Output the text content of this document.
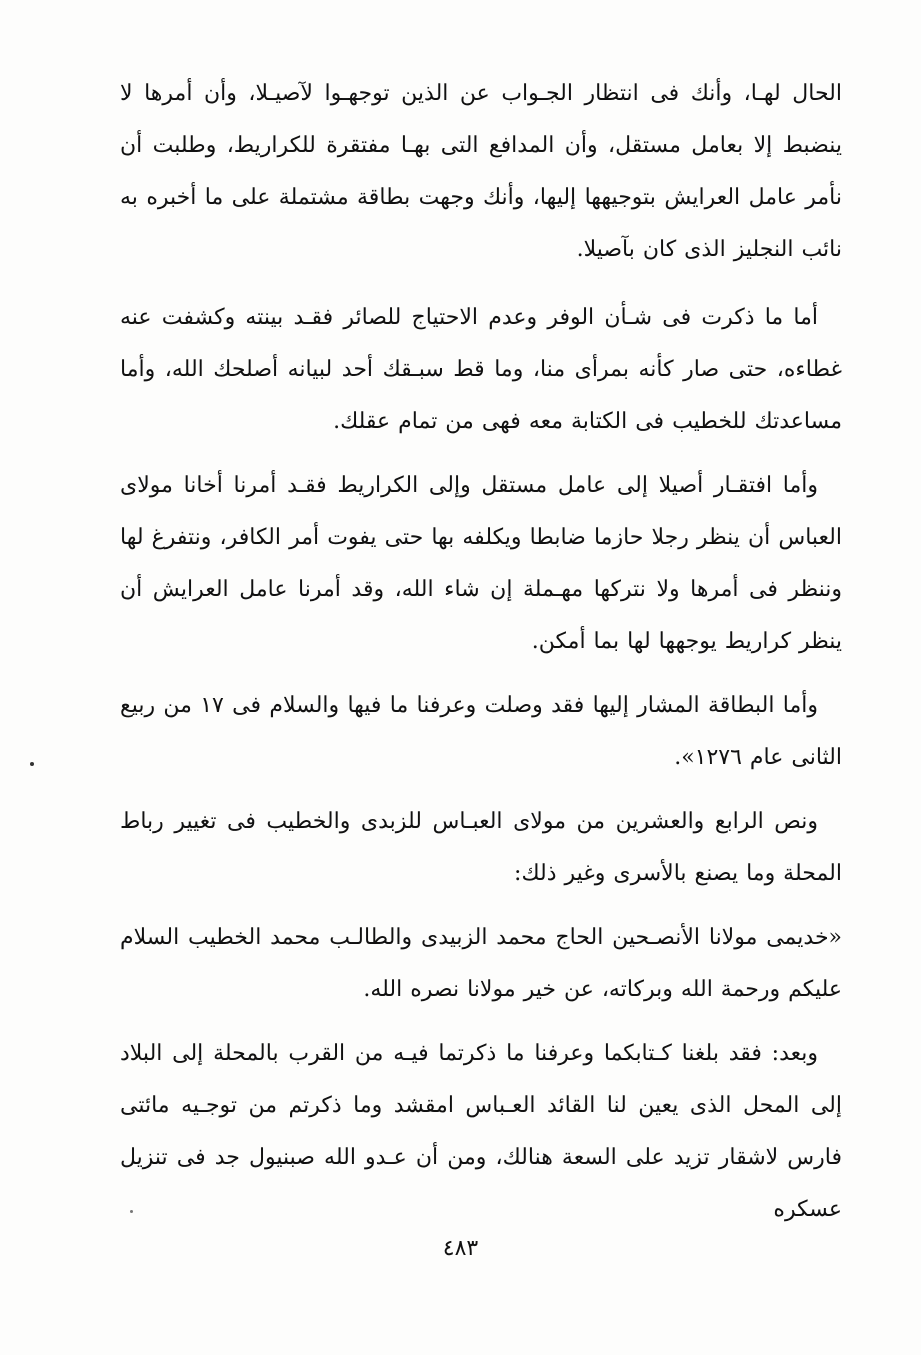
الحال لهـا، وأنك فى انتظار الجـواب عن الذين توجهـوا لآصيـلا، وأن أمرها لا ينضبط إلا بعامل مستقل، وأن المدافع التى بهـا مفتقرة للكراريط، وطلبت أن نأمر عامل العرايش بتوجيهها إليها، وأنك وجهت بطاقة مشتملة على ما أخبره به نائب النجليز الذى كان بآصيلا.

أما ما ذكرت فى شـأن الوفر وعدم الاحتياج للصائر فقـد بينته وكشفت عنه غطاءه، حتى صار كأنه بمرأى منا، وما قط سبـقك أحد لبيانه أصلحك الله، وأما مساعدتك للخطيب فى الكتابة معه فهى من تمام عقلك.

وأما افتقـار أصيلا إلى عامل مستقل وإلى الكراريط فقـد أمرنا أخانا مولاى العباس أن ينظر رجلا حازما ضابطا ويكلفه بها حتى يفوت أمر الكافر، ونتفرغ لها وننظر فى أمرها ولا نتركها مهـملة إن شاء الله، وقد أمرنا عامل العرايش أن ينظر كراريط يوجهها لها بما أمكن.

وأما البطاقة المشار إليها فقد وصلت وعرفنا ما فيها والسلام فى ١٧ من ربيع الثانى عام ١٢٧٦».

ونص الرابع والعشرين من مولاى العبـاس للزبدى والخطيب فى تغيير رباط المحلة وما يصنع بالأسرى وغير ذلك:

«خديمى مولانا الأنصـحين الحاج محمد الزبيدى والطالـب محمد الخطيب السلام عليكم ورحمة الله وبركاته، عن خير مولانا نصره الله.

وبعد: فقد بلغنا كـتابكما وعرفنا ما ذكرتما فيـه من القرب بالمحلة إلى البلاد إلى المحل الذى يعين لنا القائد العـباس امقشد وما ذكرتم من توجـيه مائتى فارس لاشقار تزيد على السعة هنالك، ومن أن عـدو الله صبنيول جد فى تنزيل عسكره

٤٨٣
